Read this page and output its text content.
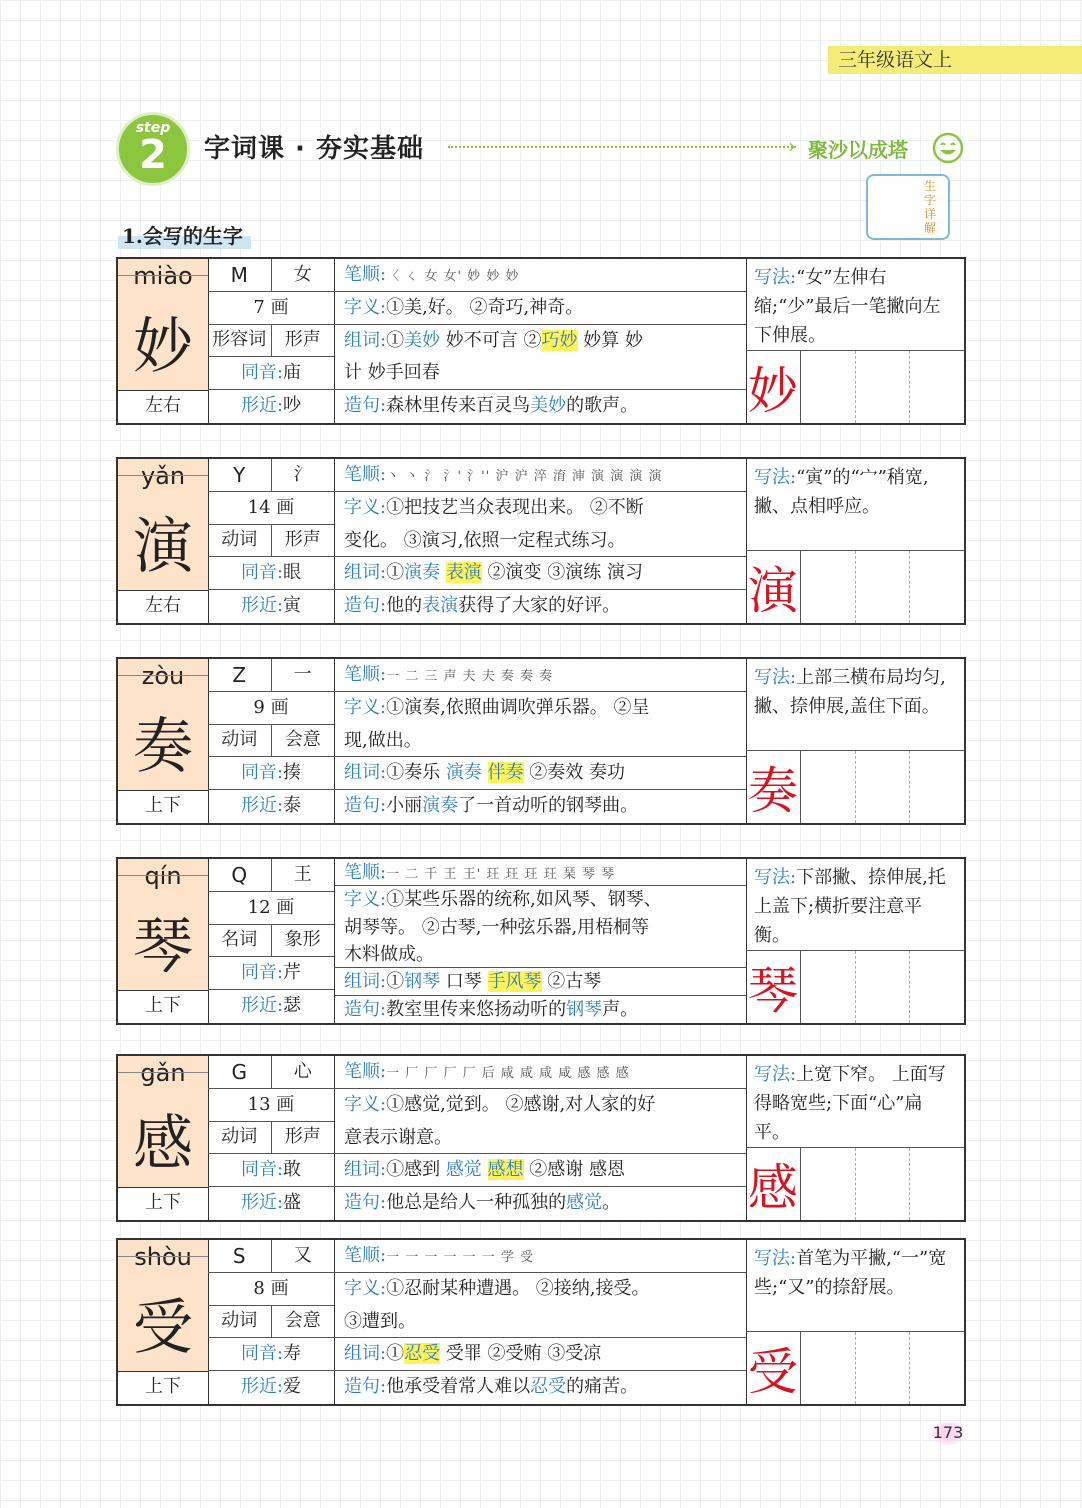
三年级语文上
step
2	字词课 · 夯实基础	› 聚沙以成塔
生字详解
1.会写的生字
miào
妙
左右
M	女
7 画
形容词	形声
同音:庙
形近:吵
笔顺:〈 ㄑ 女 女' 妙 妙 妙
字义:①美,好。 ②奇巧,神奇。
组词:①美妙 妙不可言 ②巧妙 妙算 妙
计 妙手回春
造句:森林里传来百灵鸟美妙的歌声。
写法:“女”左伸右缩;“少”最后一笔撇向左下伸展。
妙
yǎn
演
左右
Y	氵
14 画
动词	形声
同音:眼
形近:寅
笔顺:丶 丶 氵 氵' 氵'' 沪 沪 淬 淯 渖 演 演 演 演
字义:①把技艺当众表现出来。 ②不断
变化。 ③演习,依照一定程式练习。
组词:①演奏 表演 ②演变 ③演练 演习
造句:他的表演获得了大家的好评。
写法:“寅”的“宀”稍宽,撇、点相呼应。
演
zòu
奏
上下
Z	一
9 画
动词	会意
同音:揍
形近:泰
笔顺:一 二 三 声 夫 夫 奏 奏 奏
字义:①演奏,依照曲调吹弹乐器。 ②呈
现,做出。
组词:①奏乐 演奏 伴奏 ②奏效 奏功
造句:小丽演奏了一首动听的钢琴曲。
写法:上部三横布局均匀,撇、捺伸展,盖住下面。
奏
qín
琴
上下
Q	王
12 画
名词	象形
同音:芹
形近:瑟
笔顺:一 二 千 王 王' 玨 玨 玨 玨 琹 琴 琴
字义:①某些乐器的统称,如风琴、钢琴、
胡琴等。 ②古琴,一种弦乐器,用梧桐等
木料做成。
组词:①钢琴 口琴 手风琴 ②古琴
造句:教室里传来悠扬动听的钢琴声。
写法:下部撇、捺伸展,托上盖下;横折要注意平衡。
琴
gǎn
感
上下
G	心
13 画
动词	形声
同音:敢
形近:盛
笔顺:一 厂 厂 厂 厂 后 咸 咸 咸 咸 感 感 感
字义:①感觉,觉到。 ②感谢,对人家的好
意表示谢意。
组词:①感到 感觉 感想 ②感谢 感恩
造句:他总是给人一种孤独的感觉。
写法:上宽下窄。 上面写得略宽些;下面“心”扁平。
感
shòu
受
上下
S	又
8 画
动词	会意
同音:寿
形近:爱
笔顺:一 一 一 一 一 一 学 受
字义:①忍耐某种遭遇。 ②接纳,接受。
③遭到。
组词:①忍受 受罪 ②受贿 ③受凉
造句:他承受着常人难以忍受的痛苦。
写法:首笔为平撇,“一”宽些;“又”的捺舒展。
受
173
